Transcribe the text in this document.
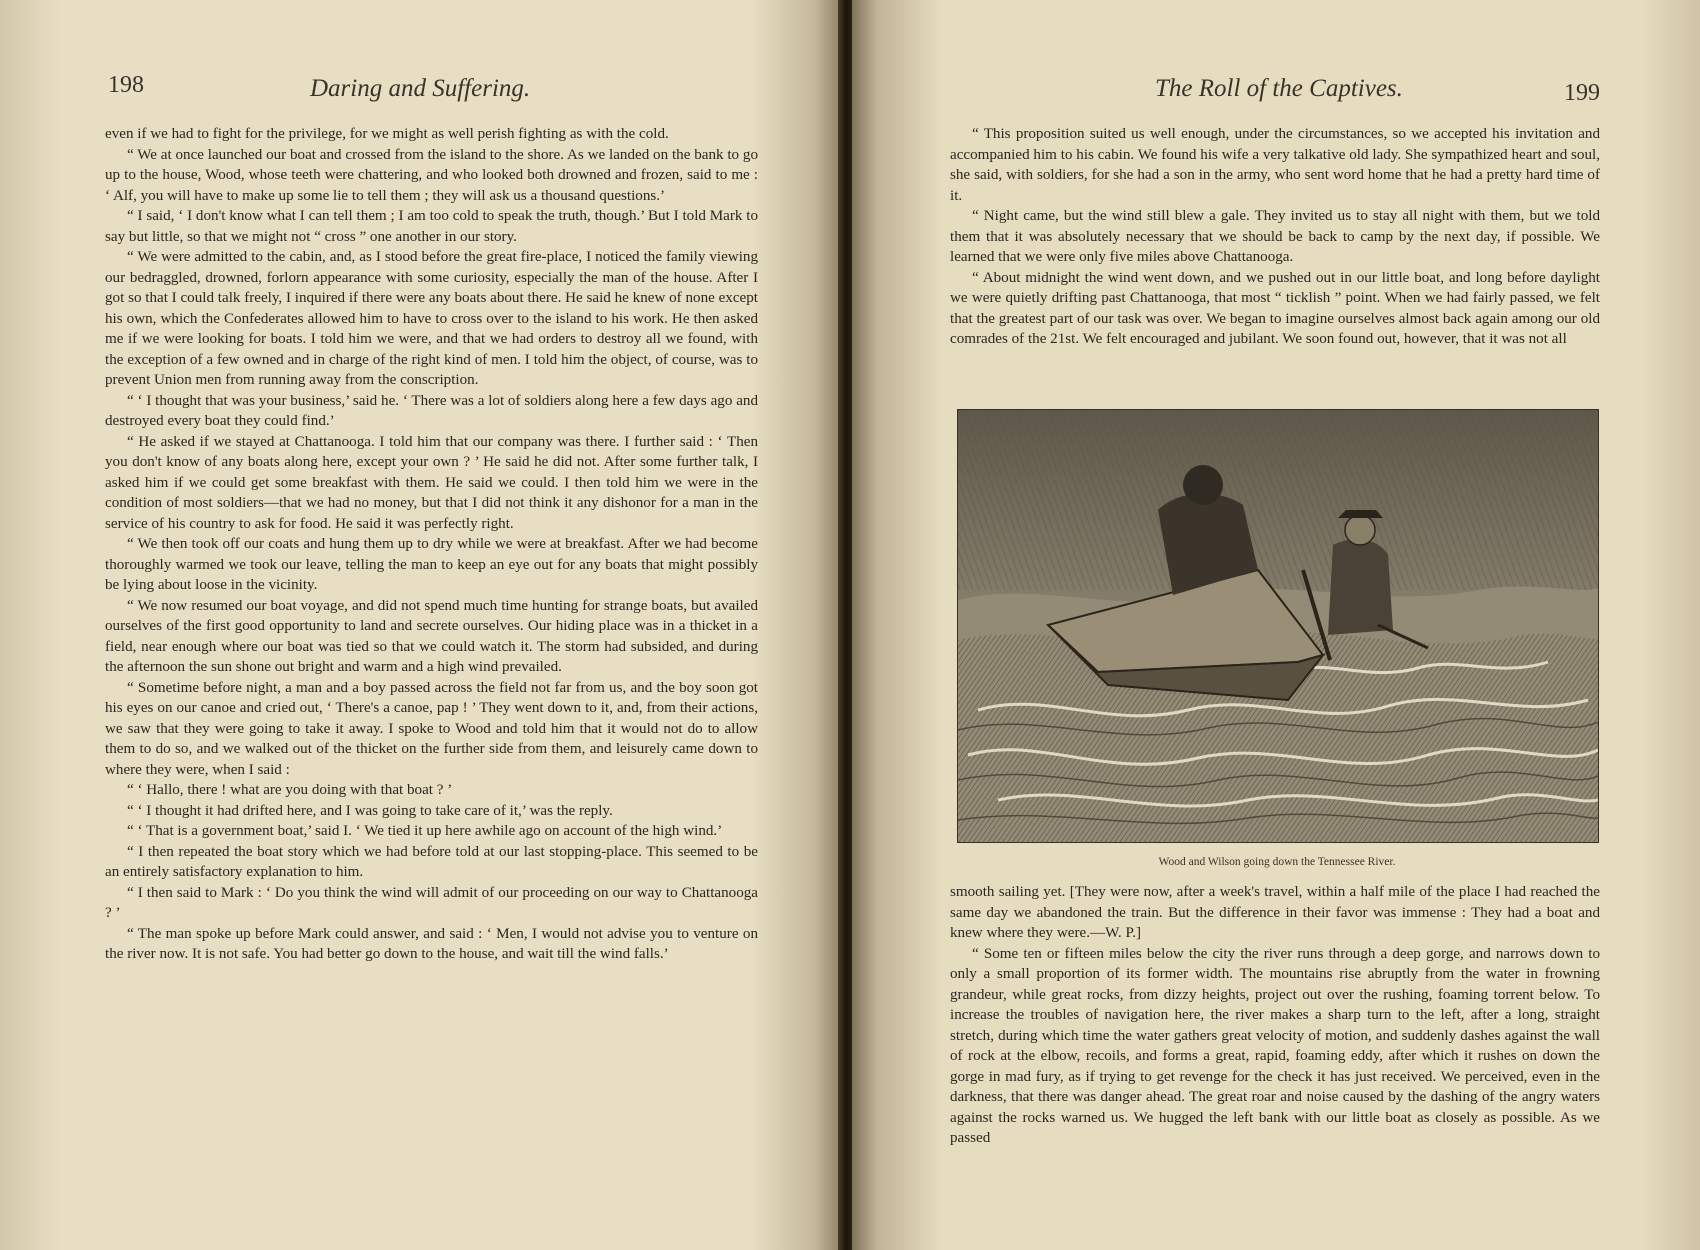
198	Daring and Suffering.

even if we had to fight for the privilege, for we might as well perish fighting as with the cold.

“ We at once launched our boat and crossed from the island to the shore. As we landed on the bank to go up to the house, Wood, whose teeth were chattering, and who looked both drowned and frozen, said to me : ‘ Alf, you will have to make up some lie to tell them ; they will ask us a thousand questions.’

“ I said, ‘ I don't know what I can tell them ; I am too cold to speak the truth, though.’ But I told Mark to say but little, so that we might not “ cross ” one another in our story.

“ We were admitted to the cabin, and, as I stood before the great fire-place, I noticed the family viewing our bedraggled, drowned, forlorn appearance with some curiosity, especially the man of the house. After I got so that I could talk freely, I inquired if there were any boats about there. He said he knew of none except his own, which the Confederates allowed him to have to cross over to the island to his work. He then asked me if we were looking for boats. I told him we were, and that we had orders to destroy all we found, with the exception of a few owned and in charge of the right kind of men. I told him the object, of course, was to prevent Union men from running away from the conscription.

“ ‘ I thought that was your business,’ said he. ‘ There was a lot of soldiers along here a few days ago and destroyed every boat they could find.’

“ He asked if we stayed at Chattanooga. I told him that our company was there. I further said : ‘ Then you don't know of any boats along here, except your own ? ’ He said he did not. After some further talk, I asked him if we could get some breakfast with them. He said we could. I then told him we were in the condition of most soldiers—that we had no money, but that I did not think it any dishonor for a man in the service of his country to ask for food. He said it was perfectly right.

“ We then took off our coats and hung them up to dry while we were at breakfast. After we had become thoroughly warmed we took our leave, telling the man to keep an eye out for any boats that might possibly be lying about loose in the vicinity.

“ We now resumed our boat voyage, and did not spend much time hunting for strange boats, but availed ourselves of the first good opportunity to land and secrete ourselves. Our hiding place was in a thicket in a field, near enough where our boat was tied so that we could watch it. The storm had subsided, and during the afternoon the sun shone out bright and warm and a high wind prevailed.

“ Sometime before night, a man and a boy passed across the field not far from us, and the boy soon got his eyes on our canoe and cried out, ‘ There's a canoe, pap ! ’ They went down to it, and, from their actions, we saw that they were going to take it away. I spoke to Wood and told him that it would not do to allow them to do so, and we walked out of the thicket on the further side from them, and leisurely came down to where they were, when I said :

“ ‘ Hallo, there ! what are you doing with that boat ? ’

“ ‘ I thought it had drifted here, and I was going to take care of it,’ was the reply.

“ ‘ That is a government boat,’ said I. ‘ We tied it up here awhile ago on account of the high wind.’

“ I then repeated the boat story which we had before told at our last stopping-place. This seemed to be an entirely satisfactory explanation to him.

“ I then said to Mark : ‘ Do you think the wind will admit of our proceeding on our way to Chattanooga ? ’

“ The man spoke up before Mark could answer, and said : ‘ Men, I would not advise you to venture on the river now. It is not safe. You had better go down to the house, and wait till the wind falls.’

The Roll of the Captives.	199

“ This proposition suited us well enough, under the circumstances, so we accepted his invitation and accompanied him to his cabin. We found his wife a very talkative old lady. She sympathized heart and soul, she said, with soldiers, for she had a son in the army, who sent word home that he had a pretty hard time of it.

“ Night came, but the wind still blew a gale. They invited us to stay all night with them, but we told them that it was absolutely necessary that we should be back to camp by the next day, if possible. We learned that we were only five miles above Chattanooga.

“ About midnight the wind went down, and we pushed out in our little boat, and long before daylight we were quietly drifting past Chattanooga, that most “ ticklish ” point. When we had fairly passed, we felt that the greatest part of our task was over. We began to imagine ourselves almost back again among our old comrades of the 21st. We felt encouraged and jubilant. We soon found out, however, that it was not all

Wood and Wilson going down the Tennessee River.

smooth sailing yet. [They were now, after a week's travel, within a half mile of the place I had reached the same day we abandoned the train. But the difference in their favor was immense : They had a boat and knew where they were.—W. P.]

“ Some ten or fifteen miles below the city the river runs through a deep gorge, and narrows down to only a small proportion of its former width. The mountains rise abruptly from the water in frowning grandeur, while great rocks, from dizzy heights, project out over the rushing, foaming torrent below. To increase the troubles of navigation here, the river makes a sharp turn to the left, after a long, straight stretch, during which time the water gathers great velocity of motion, and suddenly dashes against the wall of rock at the elbow, recoils, and forms a great, rapid, foaming eddy, after which it rushes on down the gorge in mad fury, as if trying to get revenge for the check it has just received. We perceived, even in the darkness, that there was danger ahead. The great roar and noise caused by the dashing of the angry waters against the rocks warned us. We hugged the left bank with our little boat as closely as possible. As we passed
